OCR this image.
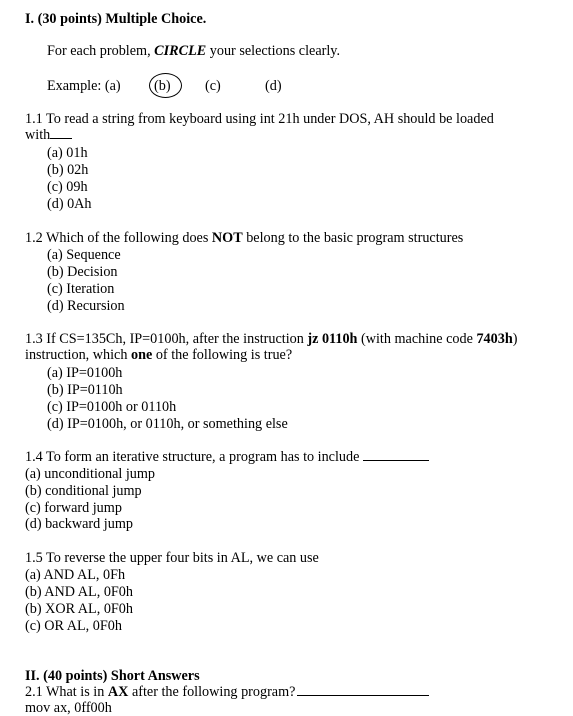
I. (30 points) Multiple Choice.
For each problem, CIRCLE your selections clearly.
Example: (a) (b) (c)	(d)
1.1 To read a string from keyboard using int 21h under DOS, AH should be loaded
with
(a) 01h
(b) 02h
(c) 09h
(d) 0Ah
1.2 Which of the following does NOT belong to the basic program structures
(a) Sequence
(b) Decision
(c) Iteration
(d) Recursion
1.3 If CS=135Ch, IP=0100h, after the instruction jz 0110h (with machine code 7403h)
instruction, which one of the following is true?
(a) IP=0100h
(b) IP=0110h
(c) IP=0100h or 0110h
(d) IP=0100h, or 0110h, or something else
1.4 To form an iterative structure, a program has to include
(a) unconditional jump
(b) conditional jump
(c) forward jump
(d) backward jump
1.5 To reverse the upper four bits in AL, we can use
(a) AND AL, 0Fh
(b) AND AL, 0F0h
(b) XOR AL, 0F0h
(c) OR AL, 0F0h
II. (40 points) Short Answers
2.1 What is in AX after the following program?
mov ax, 0ff00h
